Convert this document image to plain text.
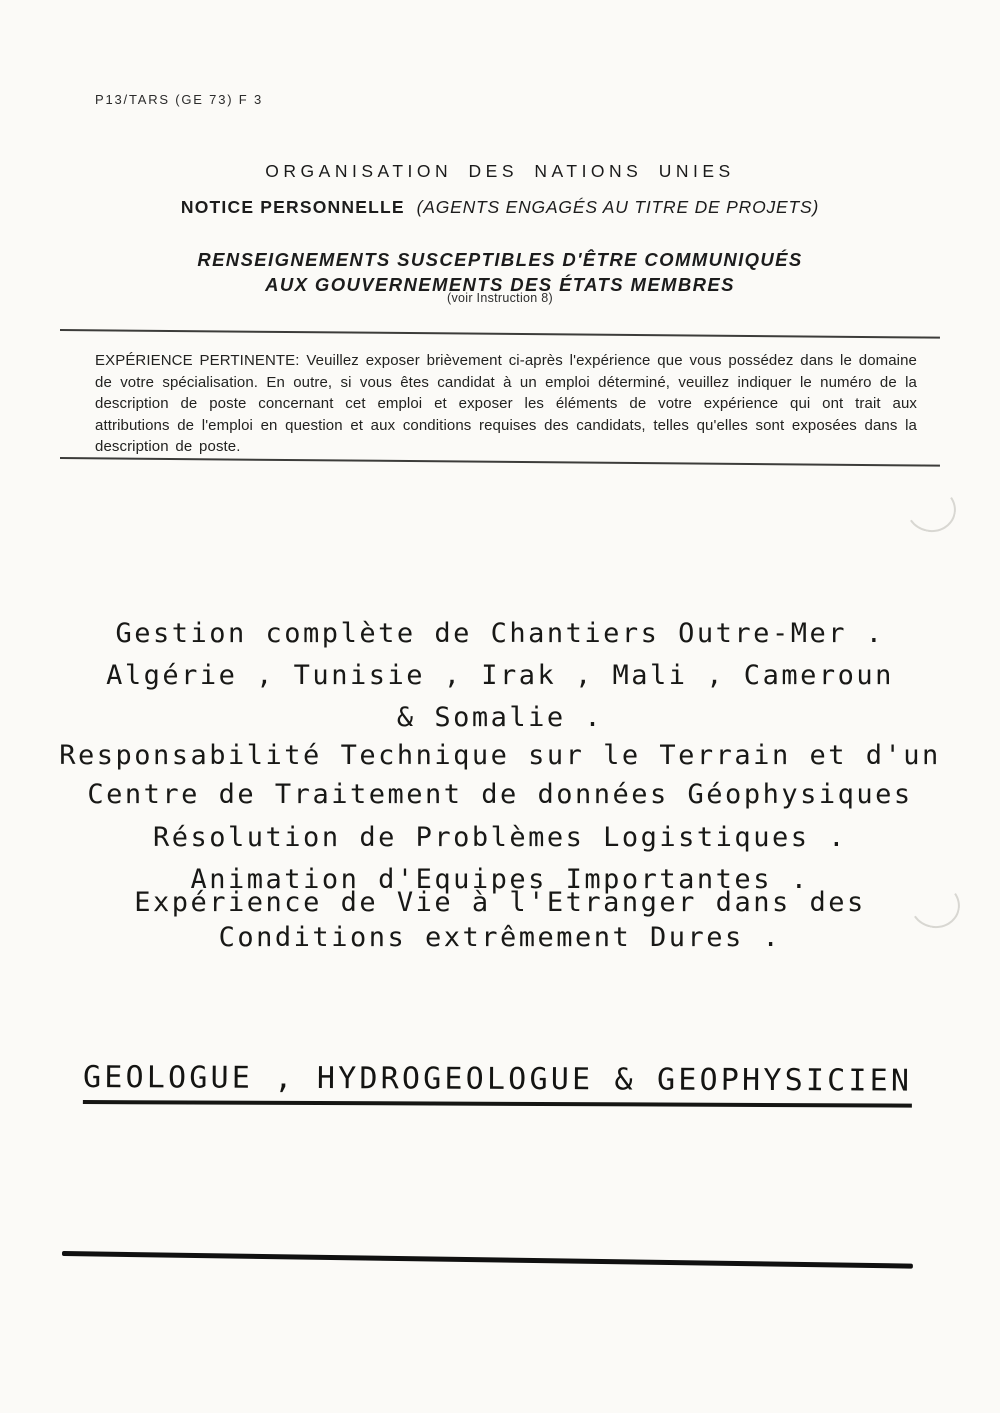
P13/TARS (GE 73) F 3
ORGANISATION DES NATIONS UNIES
NOTICE PERSONNELLE (AGENTS ENGAGÉS AU TITRE DE PROJETS)
RENSEIGNEMENTS SUSCEPTIBLES D'ÊTRE COMMUNIQUÉS
AUX GOUVERNEMENTS DES ÉTATS MEMBRES
(voir Instruction 8)

EXPÉRIENCE PERTINENTE: Veuillez exposer brièvement ci-après l'expérience que vous possédez dans le domaine de votre spécialisation. En outre, si vous êtes candidat à un emploi déterminé, veuillez indiquer le numéro de la description de poste concernant cet emploi et exposer les éléments de votre expérience qui ont trait aux attributions de l'emploi en question et aux conditions requises des candidats, telles qu'elles sont exposées dans la description de poste.

Gestion complète de Chantiers Outre-Mer .
Algérie , Tunisie , Irak , Mali , Cameroun
& Somalie .
Responsabilité Technique sur le Terrain et d'un
Centre de Traitement de données Géophysiques
Résolution de Problèmes Logistiques .
Animation d'Equipes Importantes .
Expérience de Vie à l'Etranger dans des
Conditions extrêmement Dures .
GEOLOGUE , HYDROGEOLOGUE & GEOPHYSICIEN
